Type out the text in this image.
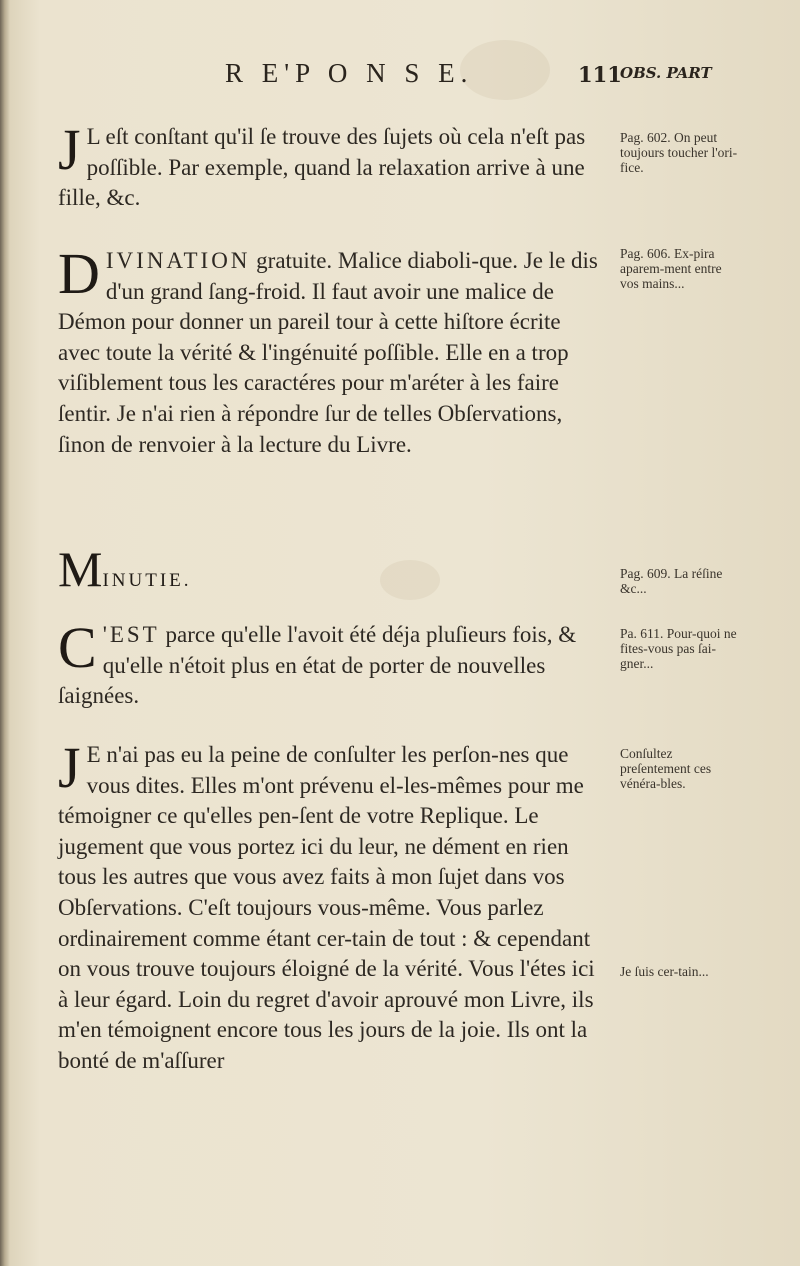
R E'P O N S E.	111
OBS. PART

J L eſt conſtant qu'il ſe trouve des ſujets où cela n'eſt pas poſſible. Par exemple, quand la relaxation arrive à une fille, &c.

Pag. 602. On peut toujours toucher l'ori-fice.

D IVINATION gratuite. Malice diaboli-que. Je le dis d'un grand ſang-froid. Il faut avoir une malice de Démon pour donner un pareil tour à cette hiſtore écrite avec toute la vérité & l'ingénuité poſſible. Elle en a trop viſiblement tous les caractéres pour m'aréter à les faire ſentir. Je n'ai rien à répondre ſur de telles Obſervations, ſinon de renvoier à la lecture du Livre.

Pag. 606. Ex-pira aparem-ment entre vos mains...
MINUTIE.	Pag. 609. La réſine &c...

C 'EST parce qu'elle l'avoit été déja pluſieurs fois, & qu'elle n'étoit plus en état de porter de nouvelles ſaignées.

Pa. 611. Pour-quoi ne fites-vous pas ſai-gner...

J E n'ai pas eu la peine de conſulter les perſon-nes que vous dites. Elles m'ont prévenu el-les-mêmes pour me témoigner ce qu'elles pen-ſent de votre Replique. Le jugement que vous portez ici du leur, ne dément en rien tous les autres que vous avez faits à mon ſujet dans vos Obſervations. C'eſt toujours vous-même. Vous parlez ordinairement comme étant cer-tain de tout : & cependant on vous trouve toujours éloigné de la vérité. Vous l'étes ici à leur égard. Loin du regret d'avoir aprouvé mon Livre, ils m'en témoignent encore tous les jours de la joie. Ils ont la bonté de m'aſſurer

Conſultez preſentement ces vénéra-bles.
Je ſuis cer-tain...
